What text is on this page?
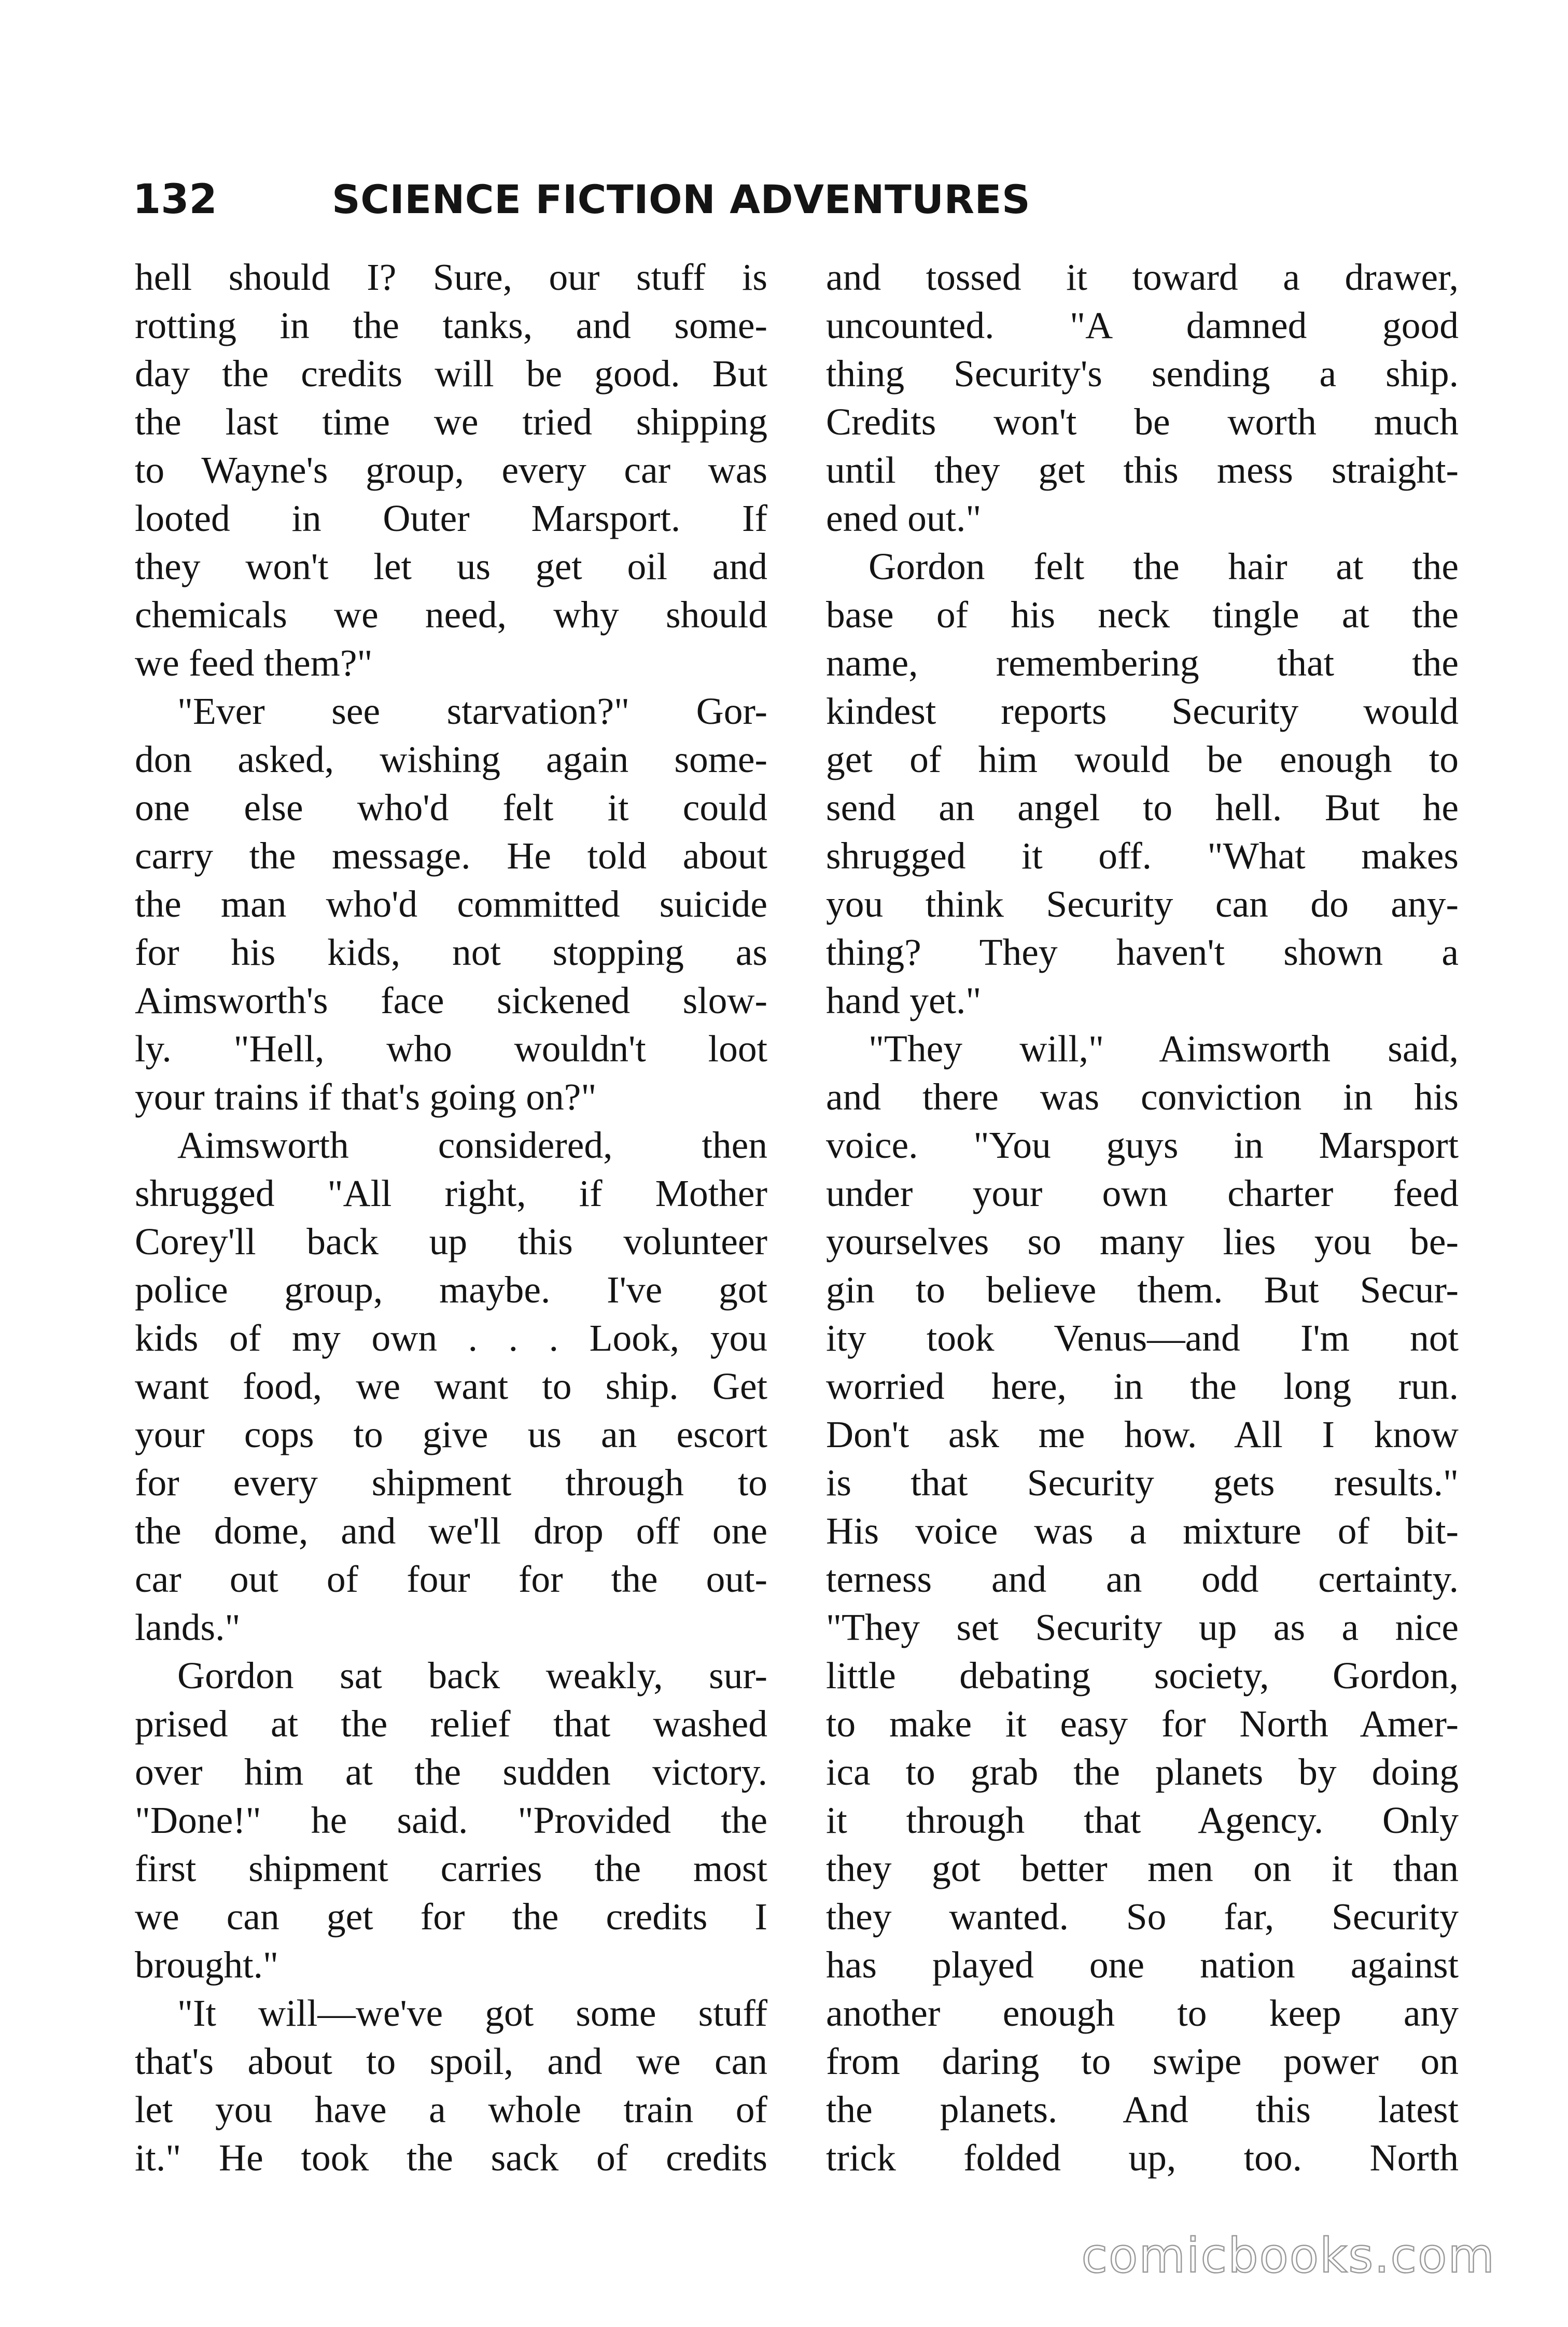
132	SCIENCE FICTION ADVENTURES
hell should I? Sure, our stuff is
rotting in the tanks, and some-
day the credits will be good. But
the last time we tried shipping
to Wayne's group, every car was
looted in Outer Marsport. If
they won't let us get oil and
chemicals we need, why should
we feed them?"
"Ever see starvation?" Gor-
don asked, wishing again some-
one else who'd felt it could
carry the message. He told about
the man who'd committed suicide
for his kids, not stopping as
Aimsworth's face sickened slow-
ly. "Hell, who wouldn't loot
your trains if that's going on?"
Aimsworth considered, then
shrugged "All right, if Mother
Corey'll back up this volunteer
police group, maybe. I've got
kids of my own . . . Look, you
want food, we want to ship. Get
your cops to give us an escort
for every shipment through to
the dome, and we'll drop off one
car out of four for the out-
lands."
Gordon sat back weakly, sur-
prised at the relief that washed
over him at the sudden victory.
"Done!" he said. "Provided the
first shipment carries the most
we can get for the credits I
brought."
"It will—we've got some stuff
that's about to spoil, and we can
let you have a whole train of
it." He took the sack of credits
and tossed it toward a drawer,
uncounted. "A damned good
thing Security's sending a ship.
Credits won't be worth much
until they get this mess straight-
ened out."
Gordon felt the hair at the
base of his neck tingle at the
name, remembering that the
kindest reports Security would
get of him would be enough to
send an angel to hell. But he
shrugged it off. "What makes
you think Security can do any-
thing? They haven't shown a
hand yet."
"They will," Aimsworth said,
and there was conviction in his
voice. "You guys in Marsport
under your own charter feed
yourselves so many lies you be-
gin to believe them. But Secur-
ity took Venus—and I'm not
worried here, in the long run.
Don't ask me how. All I know
is that Security gets results."
His voice was a mixture of bit-
terness and an odd certainty.
"They set Security up as a nice
little debating society, Gordon,
to make it easy for North Amer-
ica to grab the planets by doing
it through that Agency. Only
they got better men on it than
they wanted. So far, Security
has played one nation against
another enough to keep any
from daring to swipe power on
the planets. And this latest
trick folded up, too. North
comicbooks.com
